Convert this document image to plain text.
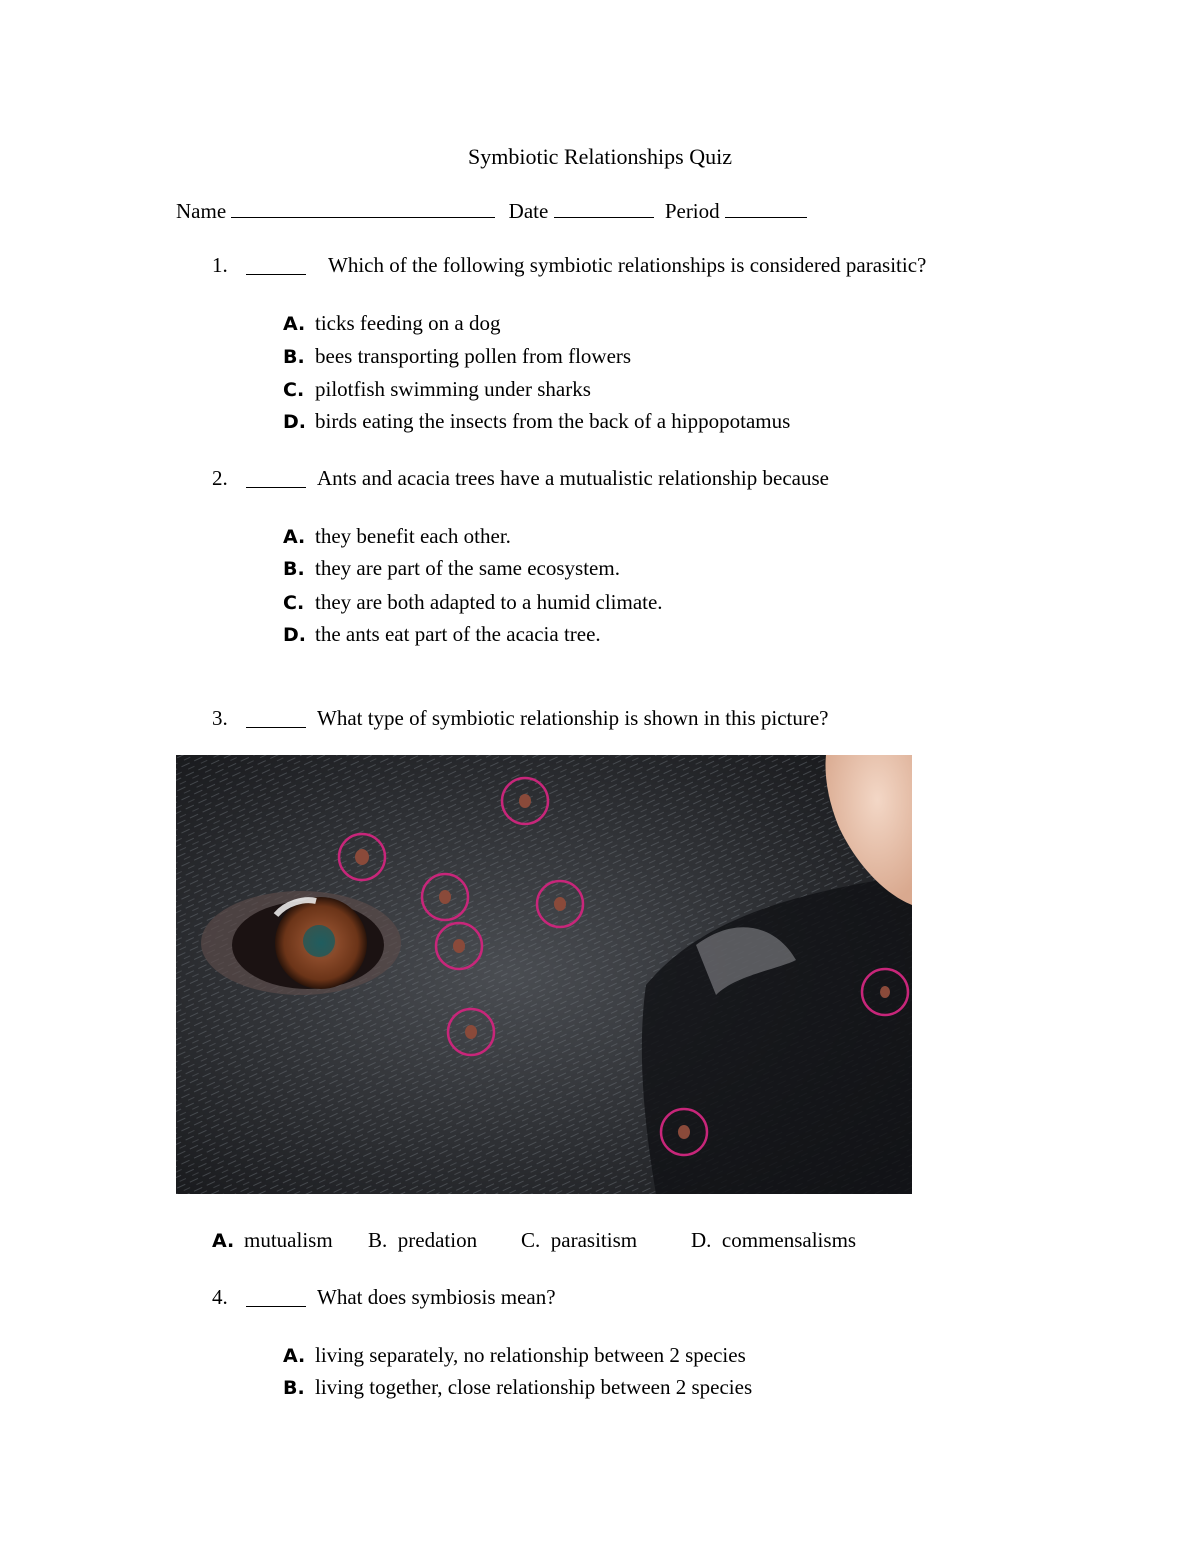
Symbiotic Relationships Quiz
Name	Date	Period
1.	Which of the following symbiotic relationships is considered parasitic?
A. ticks feeding on a dog
B. bees transporting pollen from flowers
C. pilotfish swimming under sharks
D. birds eating the insects from the back of a hippopotamus
2.	Ants and acacia trees have a mutualistic relationship because
A. they benefit each other.
B. they are part of the same ecosystem.
C. they are both adapted to a humid climate.
D. the ants eat part of the acacia tree.
3.	What type of symbiotic relationship is shown in this picture?
A. mutualism B. predation C. parasitism	D. commensalisms
4.	What does symbiosis mean?
A. living separately, no relationship between 2 species
B. living together, close relationship between 2 species
